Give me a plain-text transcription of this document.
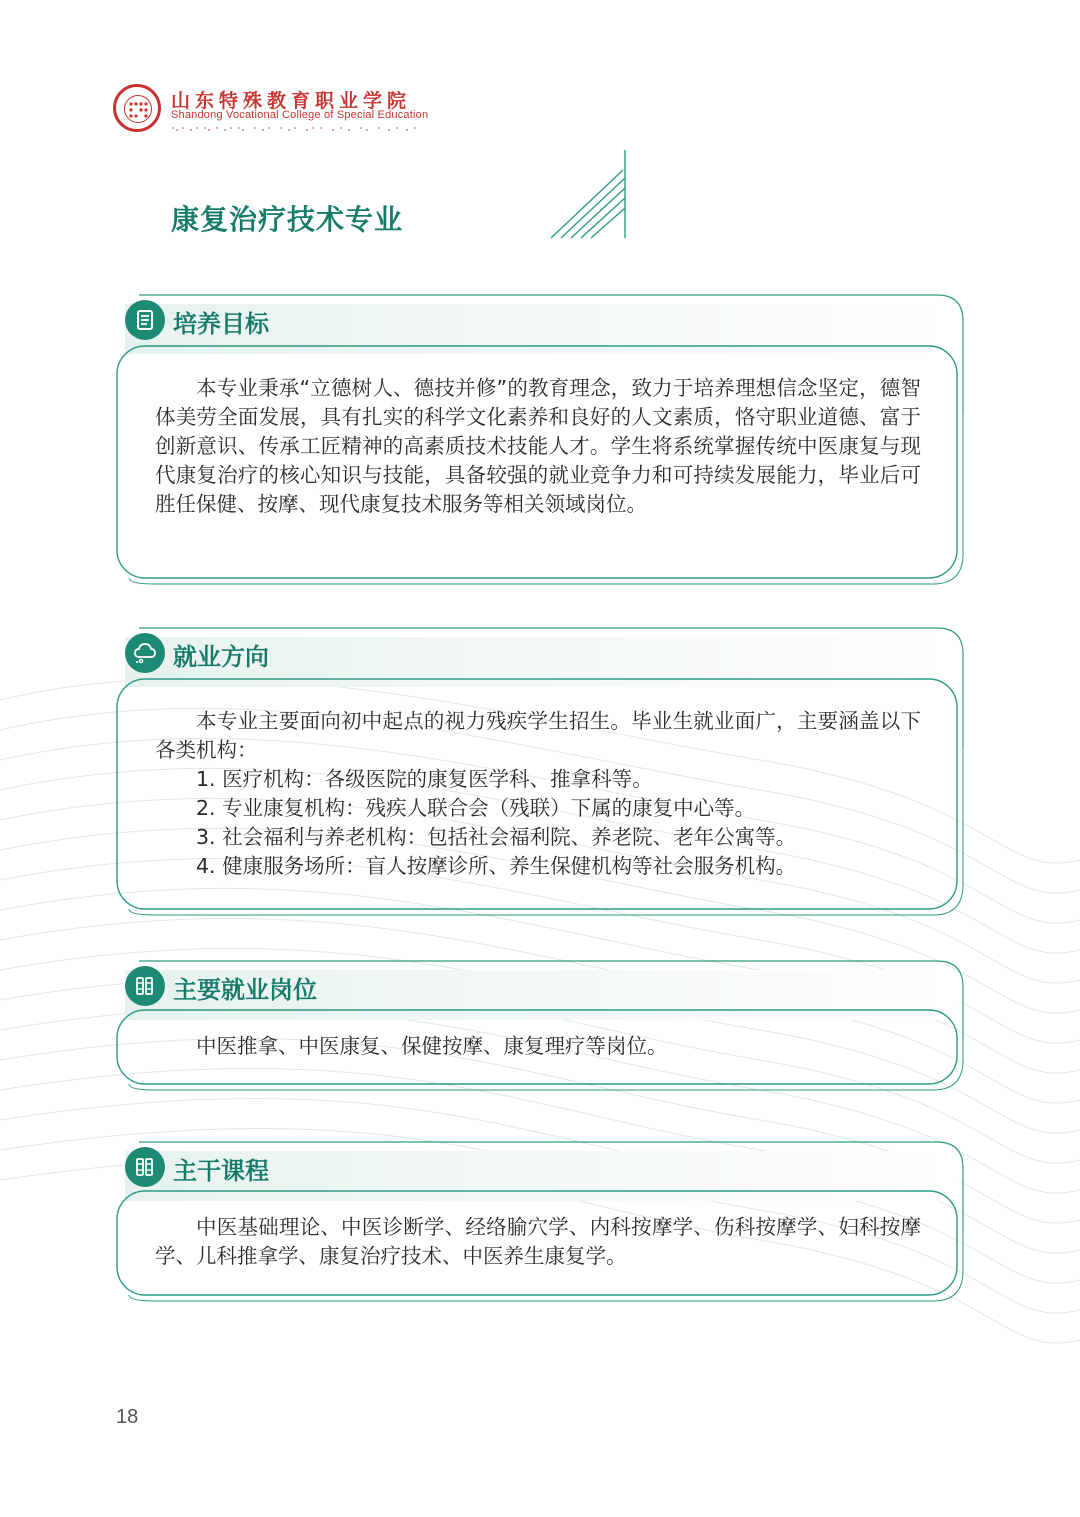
山东特殊教育职业学院
Shandong Vocational College of Special Education
康复治疗技术专业
培养目标

本专业秉承“立德树人、德技并修”的教育理念，致力于培养理想信念坚定，德智体美劳全面发展，具有扎实的科学文化素养和良好的人文素质，恪守职业道德、富于创新意识、传承工匠精神的高素质技术技能人才。学生将系统掌握传统中医康复与现代康复治疗的核心知识与技能，具备较强的就业竞争力和可持续发展能力，毕业后可胜任保健、按摩、现代康复技术服务等相关领域岗位。

就业方向

本专业主要面向初中起点的视力残疾学生招生。毕业生就业面广，主要涵盖以下各类机构：

1. 医疗机构：各级医院的康复医学科、推拿科等。
2. 专业康复机构：残疾人联合会（残联）下属的康复中心等。
3. 社会福利与养老机构：包括社会福利院、养老院、老年公寓等。
4. 健康服务场所：盲人按摩诊所、养生保健机构等社会服务机构。
主要就业岗位

中医推拿、中医康复、保健按摩、康复理疗等岗位。

主干课程

中医基础理论、中医诊断学、经络腧穴学、内科按摩学、伤科按摩学、妇科按摩学、儿科推拿学、康复治疗技术、中医养生康复学。

18
